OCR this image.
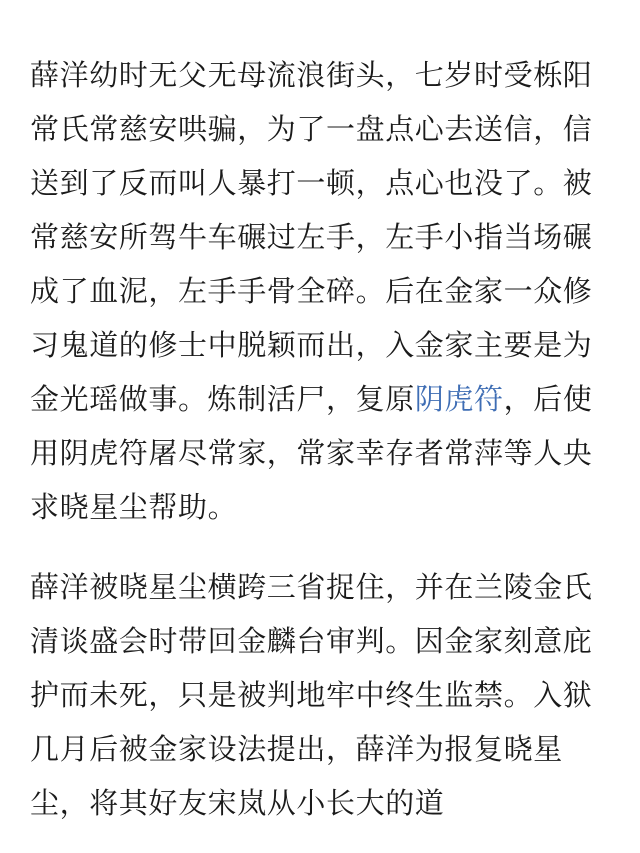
薛洋幼时无父无母流浪街头，七岁时受栎阳常氏常慈安哄骗，为了一盘点心去送信，信送到了反而叫人暴打一顿，点心也没了。被常慈安所驾牛车碾过左手，左手小指当场碾成了血泥，左手手骨全碎。后在金家一众修习鬼道的修士中脱颖而出，入金家主要是为金光瑶做事。炼制活尸，复原阴虎符，后使用阴虎符屠尽常家，常家幸存者常萍等人央求晓星尘帮助。

薛洋被晓星尘横跨三省捉住，并在兰陵金氏清谈盛会时带回金麟台审判。因金家刻意庇护而未死，只是被判地牢中终生监禁。入狱几月后被金家设法提出，薛洋为报复晓星尘，将其好友宋岚从小长大的道
